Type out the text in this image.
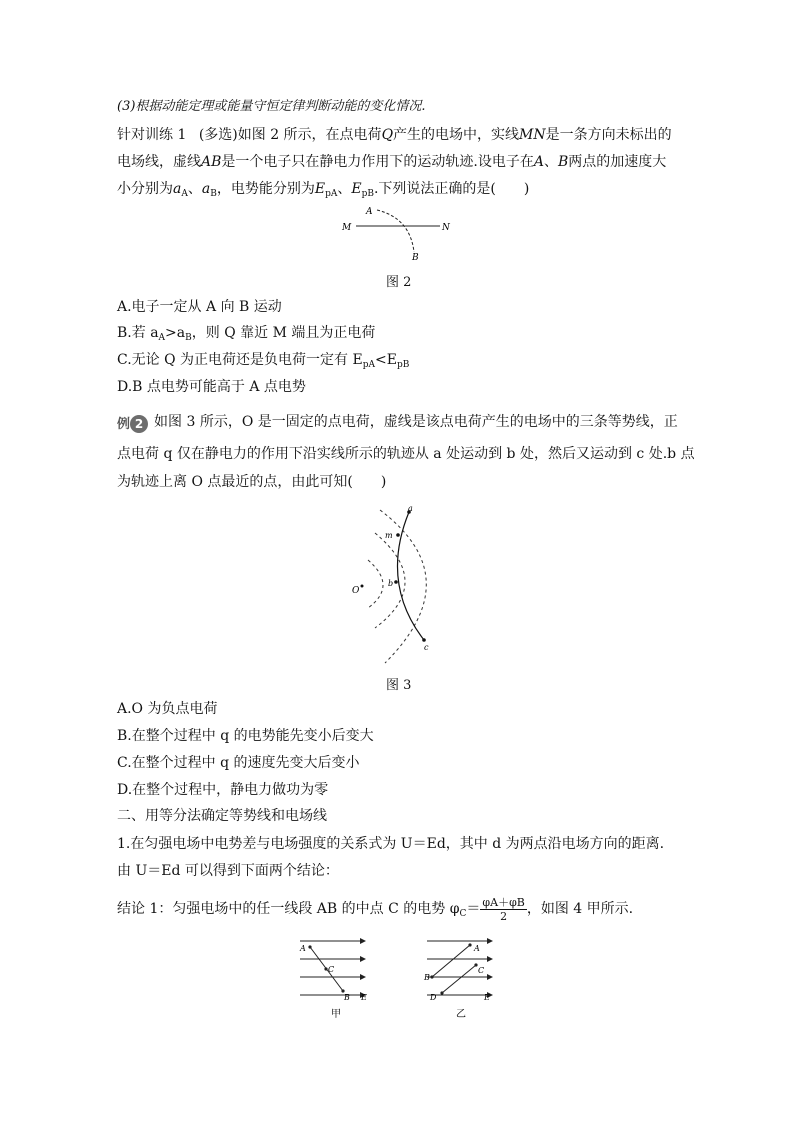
(3)根据动能定理或能量守恒定律判断动能的变化情况.
针对训练 1 (多选)如图 2 所示，在点电荷Q产生的电场中，实线MN是一条方向未标出的
电场线，虚线AB是一个电子只在静电力作用下的运动轨迹.设电子在A、B两点的加速度大
小分别为$a_A$、$a_B$，电势能分别为$E_{pA}$、$E_{pB}$.下列说法正确的是(　　)
M	N
A
B
图 2
A.电子一定从 A 向 B 运动
B.若 $a_A>a_B$，则 Q 靠近 M 端且为正电荷
C.无论 Q 为正电荷还是负电荷一定有 $E_{pA}<E_{pB}$
D.B 点电势可能高于 A 点电势
例 2 如图 3 所示，O 是一固定的点电荷，虚线是该点电荷产生的电场中的三条等势线，正
点电荷 q 仅在静电力的作用下沿实线所示的轨迹从 a 处运动到 b 处，然后又运动到 c 处.b 点
为轨迹上离 O 点最近的点，由此可知(　　)
O
a
m
b
c
图 3
A.O 为负点电荷
B.在整个过程中 q 的电势能先变小后变大
C.在整个过程中 q 的速度先变大后变小
D.在整个过程中，静电力做功为零
二、用等分法确定等势线和电场线
1.在匀强电场中电势差与电场强度的关系式为 U＝Ed，其中 d 为两点沿电场方向的距离.
由 U＝Ed 可以得到下面两个结论：
结论 1：匀强电场中的任一线段 AB 的中点 C 的电势 $\varphi_C= \frac{\varphi A+\varphi B}{2}$ ，如图 4 甲所示.
A
C
B E
甲
A
B
C
D	E
乙
